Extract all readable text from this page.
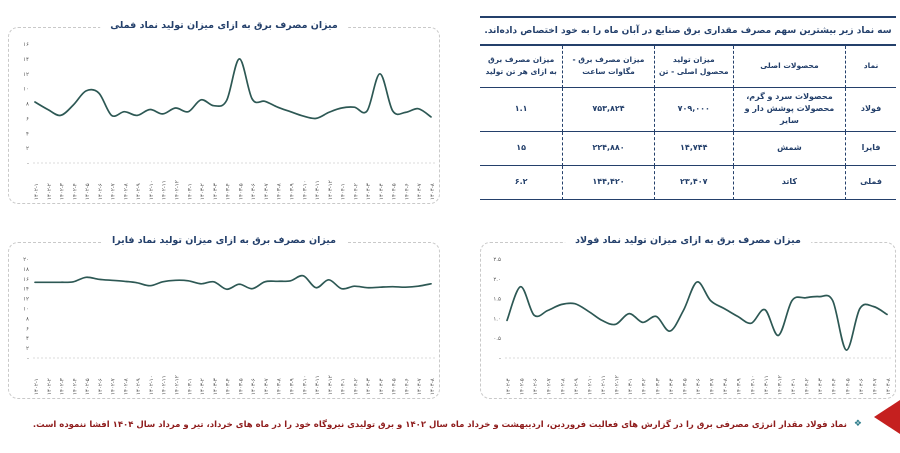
میزان مصرف برق به ازای میزان تولید نماد فملی
۱۶
۱۴
۱۲
۱۰
۸
۶
۴
۲
-
۱۴۰۲-۱ ۱۴۰۲-۲ ۱۴۰۲-۳ ۱۴۰۲-۴ ۱۴۰۲-۵ ۱۴۰۲-۶ ۱۴۰۲-۷ ۱۴۰۲-۸ ۱۴۰۲-۹ ۱۴۰۲-۱۰ ۱۴۰۲-۱۱ ۱۴۰۲-۱۲ ۱۴۰۳-۱ ۱۴۰۳-۲ ۱۴۰۳-۳ ۱۴۰۳-۴ ۱۴۰۳-۵ ۱۴۰۳-۶ ۱۴۰۳-۷ ۱۴۰۳-۸ ۱۴۰۳-۹ ۱۴۰۳-۱۰ ۱۴۰۳-۱۱ ۱۴۰۳-۱۲ ۱۴۰۴-۱ ۱۴۰۴-۲ ۱۴۰۴-۳ ۱۴۰۴-۴ ۱۴۰۴-۵ ۱۴۰۴-۶ ۱۴۰۴-۷ ۱۴۰۴-۸
میزان مصرف برق به ازای میزان تولید نماد فایرا
۲۰
۱۸
۱۶
۱۴
۱۲
۱۰
۸
۶
۴
۲
-
۱۴۰۲-۱ ۱۴۰۲-۲ ۱۴۰۲-۳ ۱۴۰۲-۴ ۱۴۰۲-۵ ۱۴۰۲-۶ ۱۴۰۲-۷ ۱۴۰۲-۸ ۱۴۰۲-۹ ۱۴۰۲-۱۰ ۱۴۰۲-۱۱ ۱۴۰۲-۱۲ ۱۴۰۳-۱ ۱۴۰۳-۲ ۱۴۰۳-۳ ۱۴۰۳-۴ ۱۴۰۳-۵ ۱۴۰۳-۶ ۱۴۰۳-۷ ۱۴۰۳-۸ ۱۴۰۳-۹ ۱۴۰۳-۱۰ ۱۴۰۳-۱۱ ۱۴۰۳-۱۲ ۱۴۰۴-۱ ۱۴۰۴-۲ ۱۴۰۴-۳ ۱۴۰۴-۴ ۱۴۰۴-۵ ۱۴۰۴-۶ ۱۴۰۴-۷ ۱۴۰۴-۸
میزان مصرف برق به ازای میزان تولید نماد فولاد
۲.۵
۲.۰
۱.۵
۱.۰
۰.۵
-
۱۴۰۲-۴ ۱۴۰۲-۵ ۱۴۰۲-۶ ۱۴۰۲-۷ ۱۴۰۲-۸ ۱۴۰۲-۹ ۱۴۰۲-۱۰ ۱۴۰۲-۱۱ ۱۴۰۲-۱۲ ۱۴۰۳-۱ ۱۴۰۳-۲ ۱۴۰۳-۳ ۱۴۰۳-۴ ۱۴۰۳-۵ ۱۴۰۳-۶ ۱۴۰۳-۷ ۱۴۰۳-۸ ۱۴۰۳-۹ ۱۴۰۳-۱۰ ۱۴۰۳-۱۱ ۱۴۰۳-۱۲ ۱۴۰۴-۱ ۱۴۰۴-۲ ۱۴۰۴-۳ ۱۴۰۴-۴ ۱۴۰۴-۵ ۱۴۰۴-۶ ۱۴۰۴-۷ ۱۴۰۴-۸
سه نماد زیر بیشترین سهم مصرف مقداری برق صنایع در آبان ماه را به خود اختصاص داده‌اند.
نماد
محصولات اصلی
میزان تولید محصول اصلی - تن
میزان مصرف برق - مگاوات ساعت
میزان مصرف برق به ازای هر تن تولید
فولاد
محصولات سرد و گرم، محصولات پوشش دار و سایر
۷۰۹,۰۰۰
۷۵۳,۸۲۴
۱.۱
فایرا
شمش
۱۴,۷۴۴
۲۲۴,۸۸۰
۱۵
فملی
کاتد
۲۳,۴۰۷
۱۴۴,۴۲۰
۶.۲
❖
نماد فولاد مقدار انرژی مصرفی برق را در گزارش های فعالیت فروردین، اردیبهشت و خرداد ماه سال ۱۴۰۲ و برق تولیدی نیروگاه خود را در ماه های خرداد، تیر و مرداد سال ۱۴۰۴ افشا ننموده است.
